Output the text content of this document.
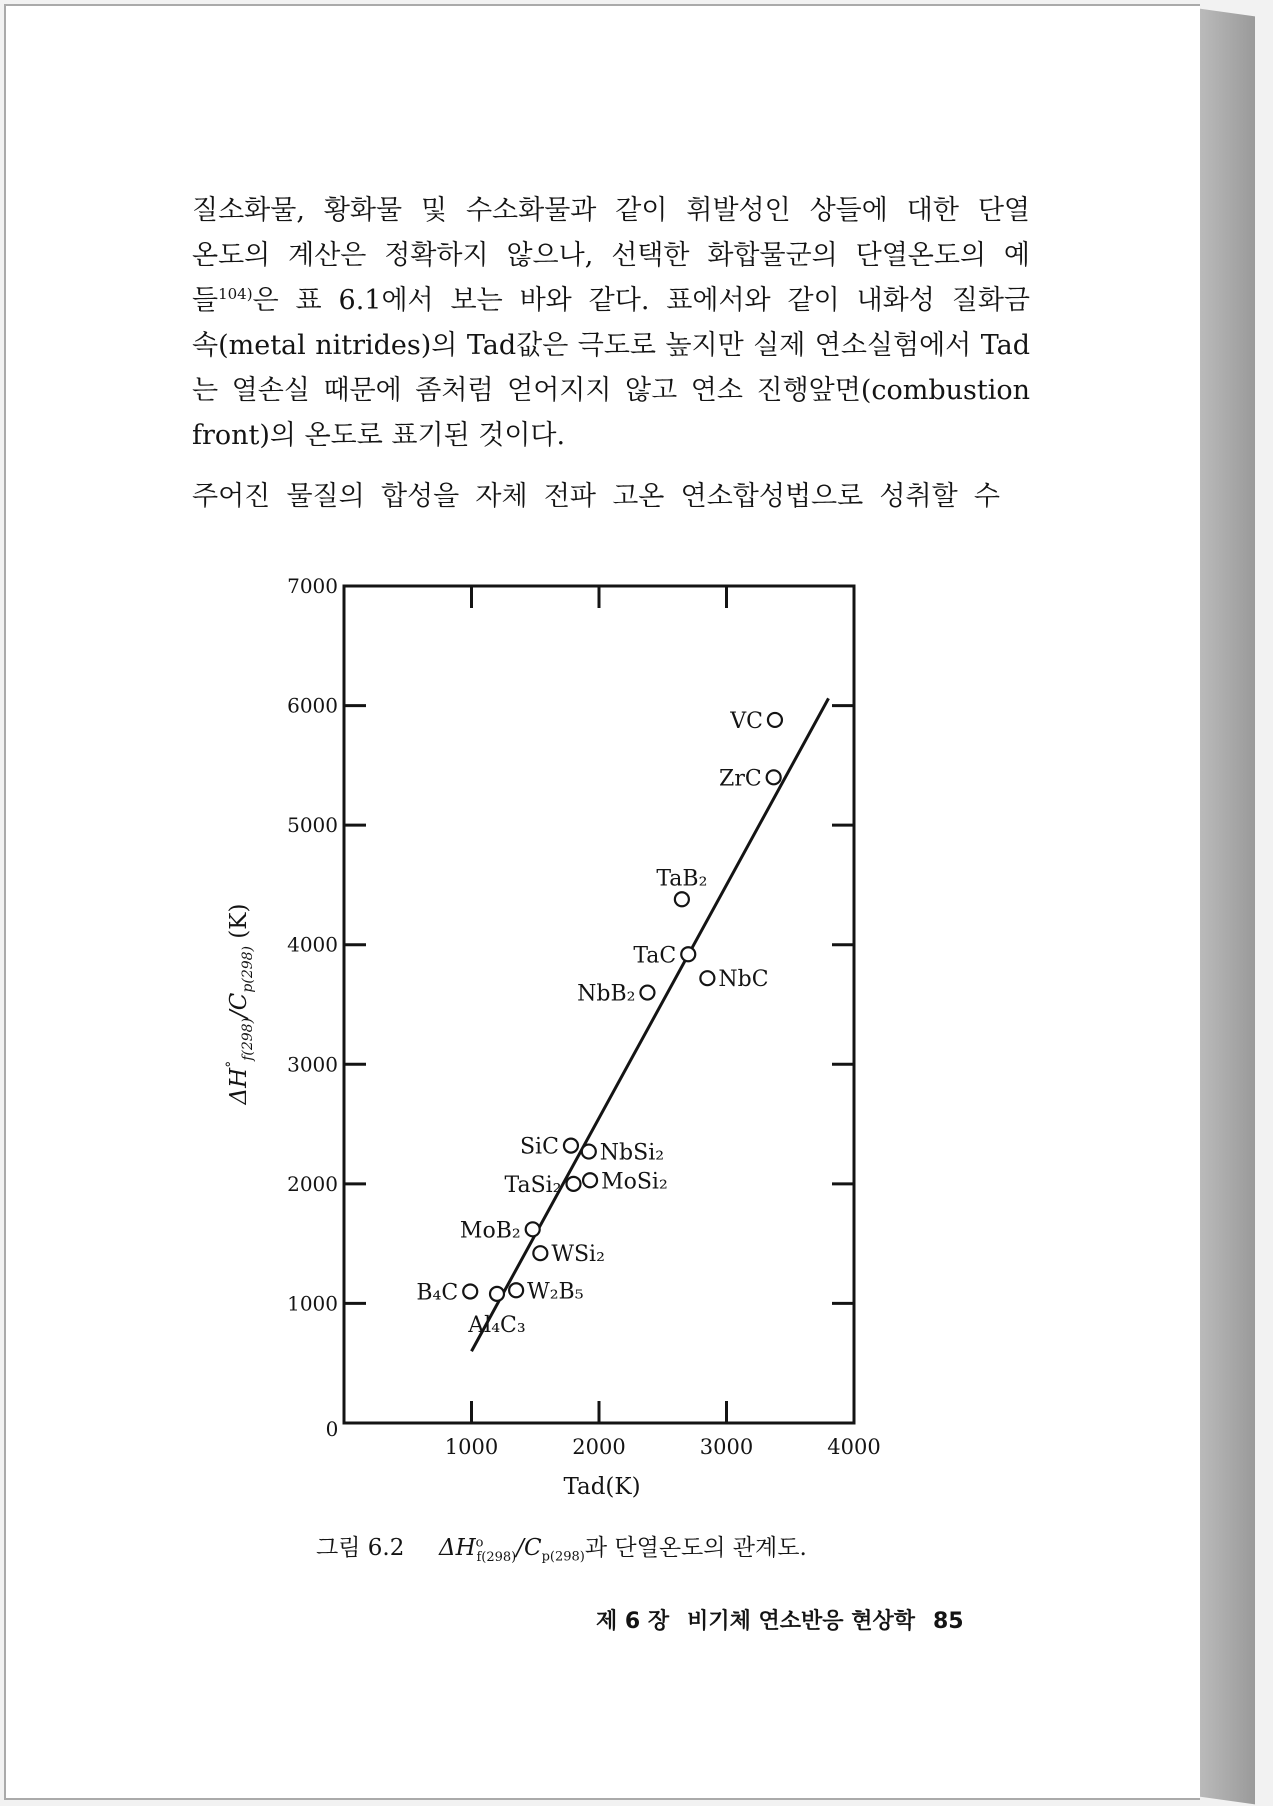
질소화물, 황화물 및 수소화물과 같이 휘발성인 상들에 대한 단열
온도의 계산은 정확하지 않으나, 선택한 화합물군의 단열온도의 예
들$^{104)}$은 표 6.1에서 보는 바와 같다. 표에서와 같이 내화성 질화금
속(metal nitrides)의 Tad값은 극도로 높지만 실제 연소실험에서 Tad
는 열손실 때문에 좀처럼 얻어지지 않고 연소 진행앞면(combustion
front)의 온도로 표기된 것이다.
주어진 물질의 합성을 자체 전파 고온 연소합성법으로 성취할 수
1000	2000	3000	4000
1000
2000
3000
4000
5000
6000
7000
0
VC
ZrC
TaB₂
TaC
NbC
NbB₂
SiC NbSi₂
TaSi₂ MoSi₂
MoB₂
WSi₂
B₄C
Al₄C₃
W₂B₅
Tad(K)
$\Delta H^\circ_{f(298)}/C_{p(298)}$ (K)
그림 6.2 $\Delta H^o_{f(298)}/C_{p(298)}$과 단열온도의 관계도.
제 6 장 비기체 연소반응 현상학 85
